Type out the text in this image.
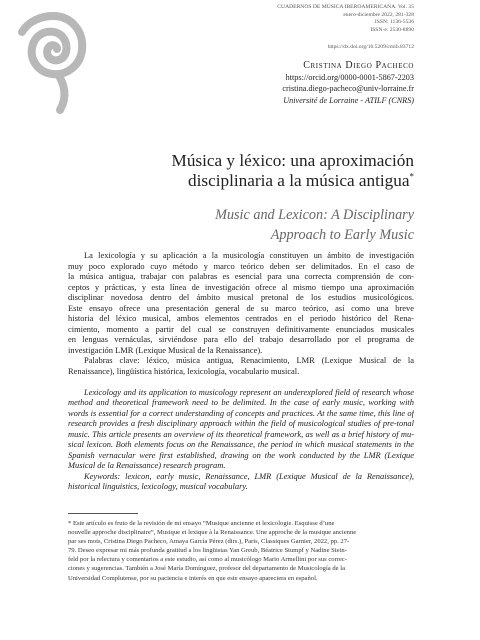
CUADERNOS DE MÚSICA IBEROAMERICANA. Vol. 35
enero-diciembre 2022, 281-328
ISSN: 1136-5536
ISSN-e: 2530-8890
https://dx.doi.org/10.5209/cmib.83712
Cristina Diego Pacheco
https://orcid.org/0000-0001-5867-2203
cristina.diego-pacheco@univ-lorraine.fr
Université de Lorraine - ATILF (CNRS)
Música y léxico: una aproximación
disciplinaria a la música antigua*
Music and Lexicon: A Disciplinary
Approach to Early Music
La lexicología y su aplicación a la musicología constituyen un ámbito de investigación
muy poco explorado cuyo método y marco teórico deben ser delimitados. En el caso de
la música antigua, trabajar con palabras es esencial para una correcta comprensión de con-
ceptos y prácticas, y esta línea de investigación ofrece al mismo tiempo una aproximación
disciplinar novedosa dentro del ámbito musical pretonal de los estudios musicológicos.
Este ensayo ofrece una presentación general de su marco teórico, así como una breve
historia del léxico musical, ambos elementos centrados en el periodo histórico del Rena-
cimiento, momento a partir del cual se construyen definitivamente enunciados musicales
en lenguas vernáculas, sirviéndose para ello del trabajo desarrollado por el programa de
investigación LMR (Lexique Musical de la Renaissance).
Palabras clave: léxico, música antigua, Renacimiento, LMR (Lexique Musical de la
Renaissance), lingüística histórica, lexicología, vocabulario musical.
Lexicology and its application to musicology represent an underexplored field of research whose
method and theoretical framework need to be delimited. In the case of early music, working with
words is essential for a correct understanding of concepts and practices. At the same time, this line of
research provides a fresh disciplinary approach within the field of musicological studies of pre-tonal
music. This article presents an overview of its theoretical framework, as well as a brief history of mu-
sical lexicon. Both elements focus on the Renaissance, the period in which musical statements in the
Spanish vernacular were first established, drawing on the work conducted by the LMR (Lexique
Musical de la Renaissance) research program.
Keywords: lexicon, early music, Renaissance, LMR (Lexique Musical de la Renaissance),
historical linguistics, lexicology, musical vocabulary.
* Este artículo es fruto de la revisión de mi ensayo “Musique ancienne et lexicologie. Esquisse d’une
nouvelle approche disciplinaire”, Musique et lexique à la Renaissance. Une approche de la musique ancienne
par ses mots, Cristina Diego Pacheco, Amaya García Pérez (dirs.), Paris, Classiques Garnier, 2022, pp. 27-
79. Deseo expresar mi más profunda gratitud a los lingüistas Yan Greub, Béatrice Stumpf y Nadine Stein-
feld por la relectura y comentarios a este estudio, así como al musicólogo Mario Armellini por sus correc-
ciones y sugerencias. También a José María Domínguez, profesor del departamento de Musicología de la
Universidad Complutense, por su paciencia e interés en que este ensayo apareciera en español.
